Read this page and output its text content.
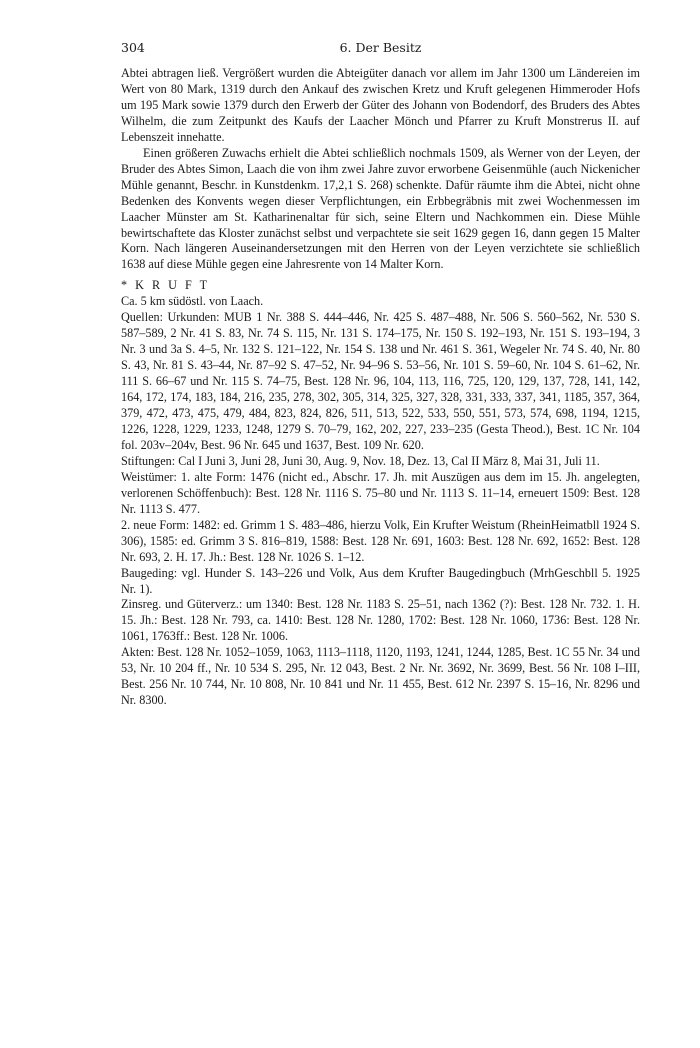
304	6. Der Besitz

Abtei abtragen ließ. Vergrößert wurden die Abteigüter danach vor allem im Jahr 1300 um Ländereien im Wert von 80 Mark, 1319 durch den Ankauf des zwischen Kretz und Kruft gelegenen Himmeroder Hofs um 195 Mark sowie 1379 durch den Erwerb der Güter des Johann von Bodendorf, des Bruders des Abtes Wilhelm, die zum Zeitpunkt des Kaufs der Laacher Mönch und Pfarrer zu Kruft Monstrerus II. auf Lebenszeit innehatte.

Einen größeren Zuwachs erhielt die Abtei schließlich nochmals 1509, als Werner von der Leyen, der Bruder des Abtes Simon, Laach die von ihm zwei Jahre zuvor erworbene Geisenmühle (auch Nickenicher Mühle genannt, Beschr. in Kunstdenkm. 17,2,1 S. 268) schenkte. Dafür räumte ihm die Abtei, nicht ohne Bedenken des Konvents wegen dieser Verpflichtungen, ein Erbbegräbnis mit zwei Wochenmessen im Laacher Münster am St. Katharinenaltar für sich, seine Eltern und Nachkommen ein. Diese Mühle bewirtschaftete das Kloster zunächst selbst und verpachtete sie seit 1629 gegen 16, dann gegen 15 Malter Korn. Nach längeren Auseinandersetzungen mit den Herren von der Leyen verzichtete sie schließlich 1638 auf diese Mühle gegen eine Jahresrente von 14 Malter Korn.

* K R U F T

Ca. 5 km südöstl. von Laach.

Quellen: Urkunden: MUB 1 Nr. 388 S. 444–446, Nr. 425 S. 487–488, Nr. 506 S. 560–562, Nr. 530 S. 587–589, 2 Nr. 41 S. 83, Nr. 74 S. 115, Nr. 131 S. 174–175, Nr. 150 S. 192–193, Nr. 151 S. 193–194, 3 Nr. 3 und 3a S. 4–5, Nr. 132 S. 121–122, Nr. 154 S. 138 und Nr. 461 S. 361, Wegeler Nr. 74 S. 40, Nr. 80 S. 43, Nr. 81 S. 43–44, Nr. 87–92 S. 47–52, Nr. 94–96 S. 53–56, Nr. 101 S. 59–60, Nr. 104 S. 61–62, Nr. 111 S. 66–67 und Nr. 115 S. 74–75, Best. 128 Nr. 96, 104, 113, 116, 725, 120, 129, 137, 728, 141, 142, 164, 172, 174, 183, 184, 216, 235, 278, 302, 305, 314, 325, 327, 328, 331, 333, 337, 341, 1185, 357, 364, 379, 472, 473, 475, 479, 484, 823, 824, 826, 511, 513, 522, 533, 550, 551, 573, 574, 698, 1194, 1215, 1226, 1228, 1229, 1233, 1248, 1279 S. 70–79, 162, 202, 227, 233–235 (Gesta Theod.), Best. 1C Nr. 104 fol. 203v–204v, Best. 96 Nr. 645 und 1637, Best. 109 Nr. 620.

Stiftungen: Cal I Juni 3, Juni 28, Juni 30, Aug. 9, Nov. 18, Dez. 13, Cal II März 8, Mai 31, Juli 11.

Weistümer: 1. alte Form: 1476 (nicht ed., Abschr. 17. Jh. mit Auszügen aus dem im 15. Jh. angelegten, verlorenen Schöffenbuch): Best. 128 Nr. 1116 S. 75–80 und Nr. 1113 S. 11–14, erneuert 1509: Best. 128 Nr. 1113 S. 477.

2. neue Form: 1482: ed. Grimm 1 S. 483–486, hierzu Volk, Ein Krufter Weistum (RheinHeimatbll 1924 S. 306), 1585: ed. Grimm 3 S. 816–819, 1588: Best. 128 Nr. 691, 1603: Best. 128 Nr. 692, 1652: Best. 128 Nr. 693, 2. H. 17. Jh.: Best. 128 Nr. 1026 S. 1–12.

Baugeding: vgl. Hunder S. 143–226 und Volk, Aus dem Krufter Baugedingbuch (MrhGeschbll 5. 1925 Nr. 1).

Zinsreg. und Güterverz.: um 1340: Best. 128 Nr. 1183 S. 25–51, nach 1362 (?): Best. 128 Nr. 732. 1. H. 15. Jh.: Best. 128 Nr. 793, ca. 1410: Best. 128 Nr. 1280, 1702: Best. 128 Nr. 1060, 1736: Best. 128 Nr. 1061, 1763ff.: Best. 128 Nr. 1006.

Akten: Best. 128 Nr. 1052–1059, 1063, 1113–1118, 1120, 1193, 1241, 1244, 1285, Best. 1C 55 Nr. 34 und 53, Nr. 10 204 ff., Nr. 10 534 S. 295, Nr. 12 043, Best. 2 Nr. Nr. 3692, Nr. 3699, Best. 56 Nr. 108 I–III, Best. 256 Nr. 10 744, Nr. 10 808, Nr. 10 841 und Nr. 11 455, Best. 612 Nr. 2397 S. 15–16, Nr. 8296 und Nr. 8300.
